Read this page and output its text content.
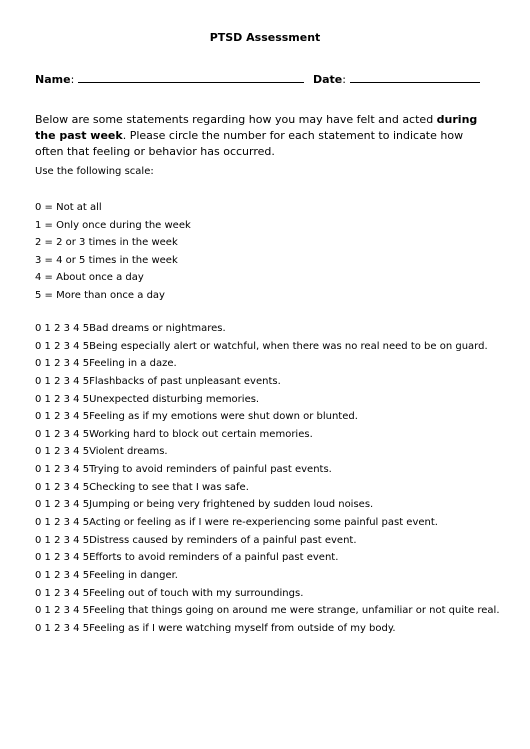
PTSD Assessment
Name:	Date:

Below are some statements regarding how you may have felt and acted during the past week. Please circle the number for each statement to indicate how often that feeling or behavior has occurred.

Use the following scale:

0 = Not at all
1 = Only once during the week
2 = 2 or 3 times in the week
3 = 4 or 5 times in the week
4 = About once a day
5 = More than once a day
0 1 2 3 4 5Bad dreams or nightmares.
0 1 2 3 4 5Being especially alert or watchful, when there was no real need to be on guard.
0 1 2 3 4 5Feeling in a daze.
0 1 2 3 4 5Flashbacks of past unpleasant events.
0 1 2 3 4 5Unexpected disturbing memories.
0 1 2 3 4 5Feeling as if my emotions were shut down or blunted.
0 1 2 3 4 5Working hard to block out certain memories.
0 1 2 3 4 5Violent dreams.
0 1 2 3 4 5Trying to avoid reminders of painful past events.
0 1 2 3 4 5Checking to see that I was safe.
0 1 2 3 4 5Jumping or being very frightened by sudden loud noises.
0 1 2 3 4 5Acting or feeling as if I were re-experiencing some painful past event.
0 1 2 3 4 5Distress caused by reminders of a painful past event.
0 1 2 3 4 5Efforts to avoid reminders of a painful past event.
0 1 2 3 4 5Feeling in danger.
0 1 2 3 4 5Feeling out of touch with my surroundings.
0 1 2 3 4 5Feeling that things going on around me were strange, unfamiliar or not quite real.
0 1 2 3 4 5Feeling as if I were watching myself from outside of my body.
